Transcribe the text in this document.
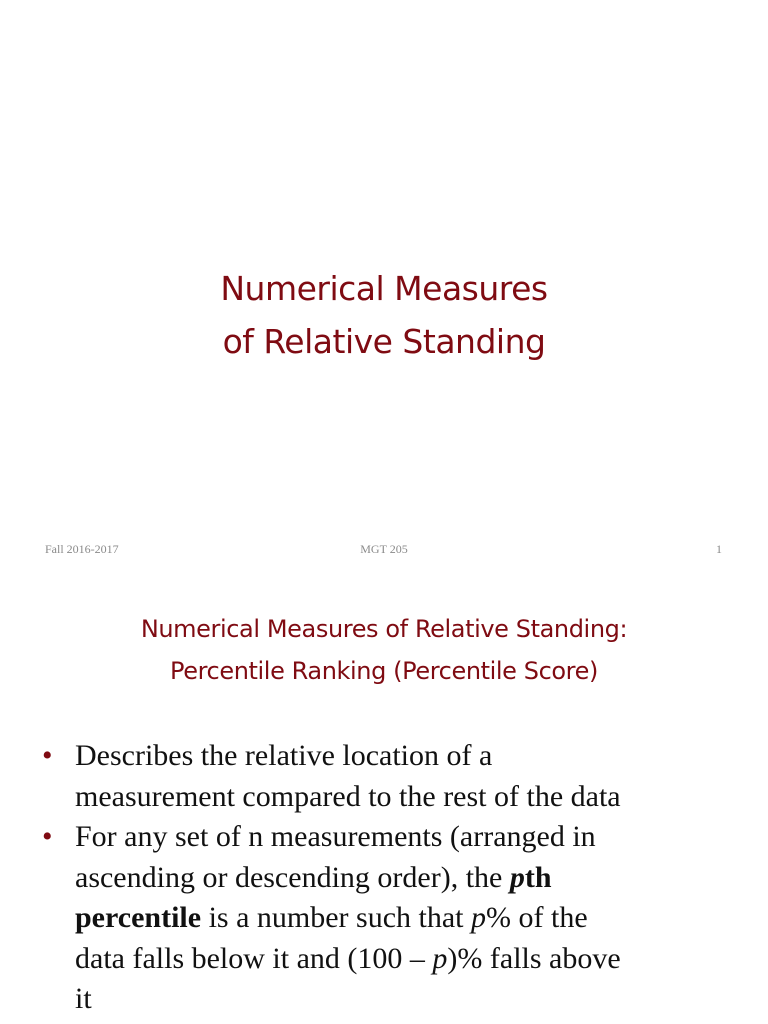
Numerical Measures
of Relative Standing
Fall 2016-2017	MGT 205	1
Numerical Measures of Relative Standing:
Percentile Ranking (Percentile Score)
• Describes the relative location of a
measurement compared to the rest of the data
• For any set of n measurements (arranged in
ascending or descending order), the pth
percentile is a number such that p% of the
data falls below it and (100 – p)% falls above
it
